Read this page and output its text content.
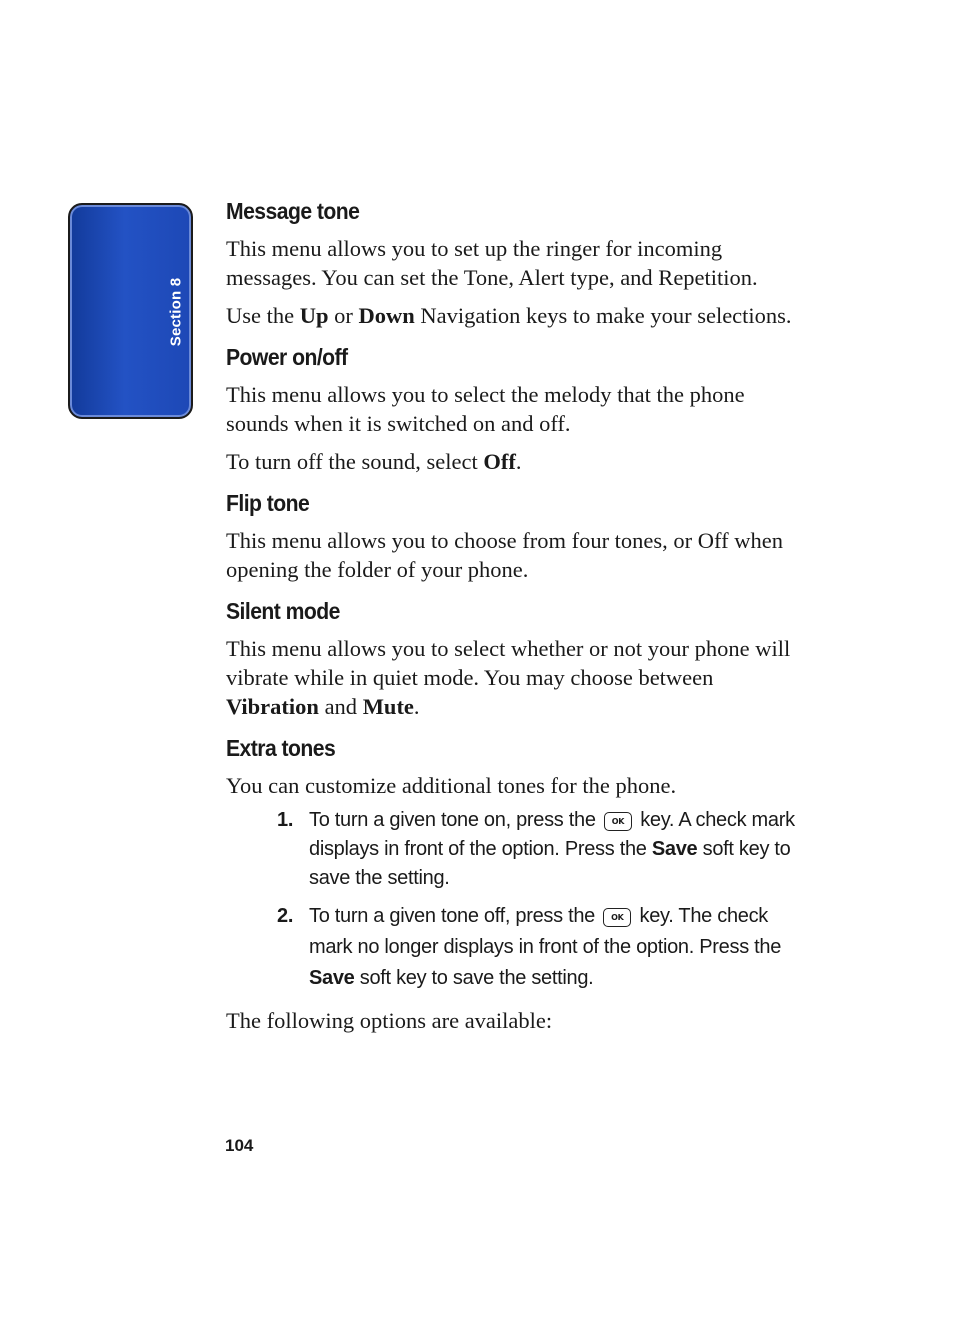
Section 8
Message tone

This menu allows you to set up the ringer for incoming messages. You can set the Tone, Alert type, and Repetition.

Use the Up or Down Navigation keys to make your selections.

Power on/off

This menu allows you to select the melody that the phone sounds when it is switched on and off.

To turn off the sound, select Off.

Flip tone

This menu allows you to choose from four tones, or Off when opening the folder of your phone.

Silent mode

This menu allows you to select whether or not your phone will vibrate while in quiet mode. You may choose between Vibration and Mute.

Extra tones

You can customize additional tones for the phone.

1. To turn a given tone on, press the OK key. A check mark displays in front of the option. Press the Save soft key to save the setting.
2. To turn a given tone off, press the OK key. The check mark no longer displays in front of the option. Press the Save soft key to save the setting.

The following options are available:

104
